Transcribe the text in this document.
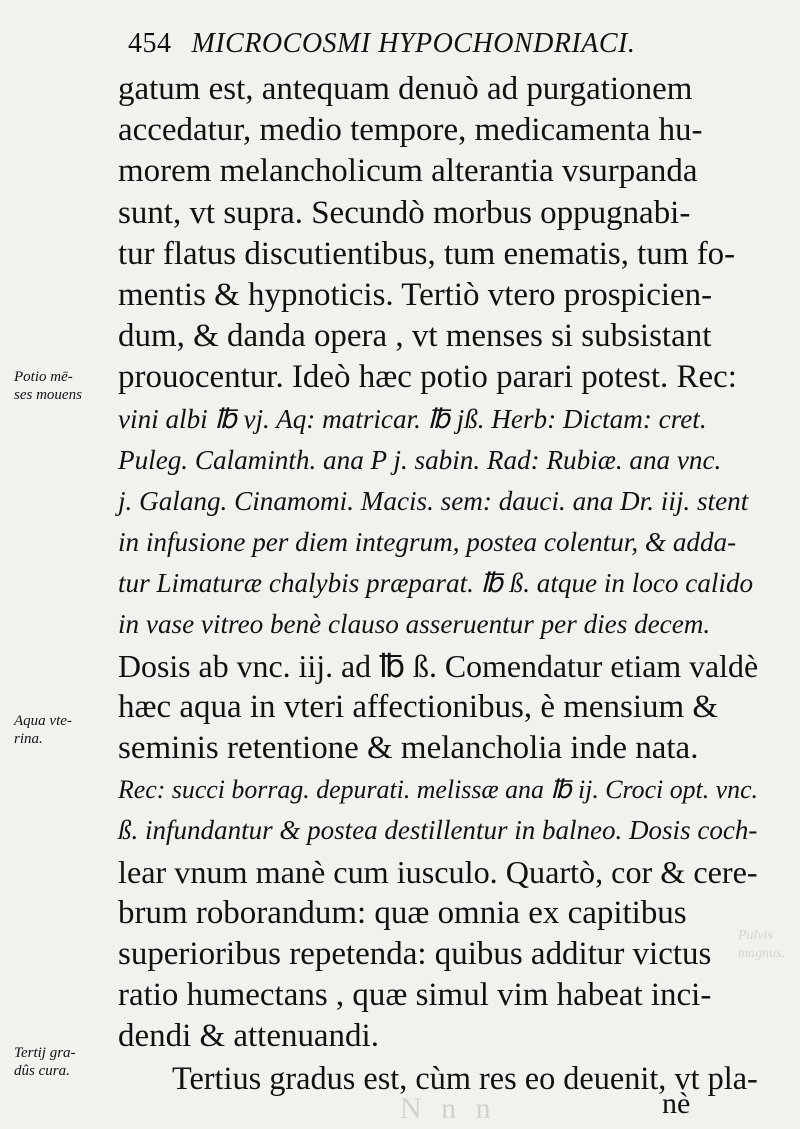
N n n
Pulvis
magnus.
454 MICROCOSMI HYPOCHONDRIACI.
Potio mē-
ses mouens
Aqua vte-
rina.
Tertij gra-
dûs cura.
gatum est, antequam denuò ad purgationem
accedatur, medio tempore, medicamenta hu-
morem melancholicum alterantia vsurpanda
sunt, vt supra. Secundò morbus oppugnabi-
tur flatus discutientibus, tum enematis, tum fo-
mentis & hypnoticis. Tertiò vtero prospicien-
dum, & danda opera , vt menses si subsistant
prouocentur. Ideò hæc potio parari potest. Rec:
vini albi ℔ vj. Aq: matricar. ℔ jß. Herb: Dictam: cret.
Puleg. Calaminth. ana P j. sabin. Rad: Rubiæ. ana vnc.
j. Galang. Cinamomi. Macis. sem: dauci. ana Dr. iij. stent
in infusione per diem integrum, postea colentur, & adda-
tur Limaturæ chalybis præparat. ℔ ß. atque in loco calido
in vase vitreo benè clauso asseruentur per dies decem.
Dosis ab vnc. iij. ad ℔ ß. Comendatur etiam valdè
hæc aqua in vteri affectionibus, è mensium &
seminis retentione & melancholia inde nata.
Rec: succi borrag. depurati. melissæ ana ℔ ij. Croci opt. vnc.
ß. infundantur & postea destillentur in balneo. Dosis coch-
lear vnum manè cum iusculo. Quartò, cor & cere-
brum roborandum: quæ omnia ex capitibus
superioribus repetenda: quibus additur victus
ratio humectans , quæ simul vim habeat inci-
dendi & attenuandi.
Tertius gradus est, cùm res eo deuenit, vt pla-
nè
